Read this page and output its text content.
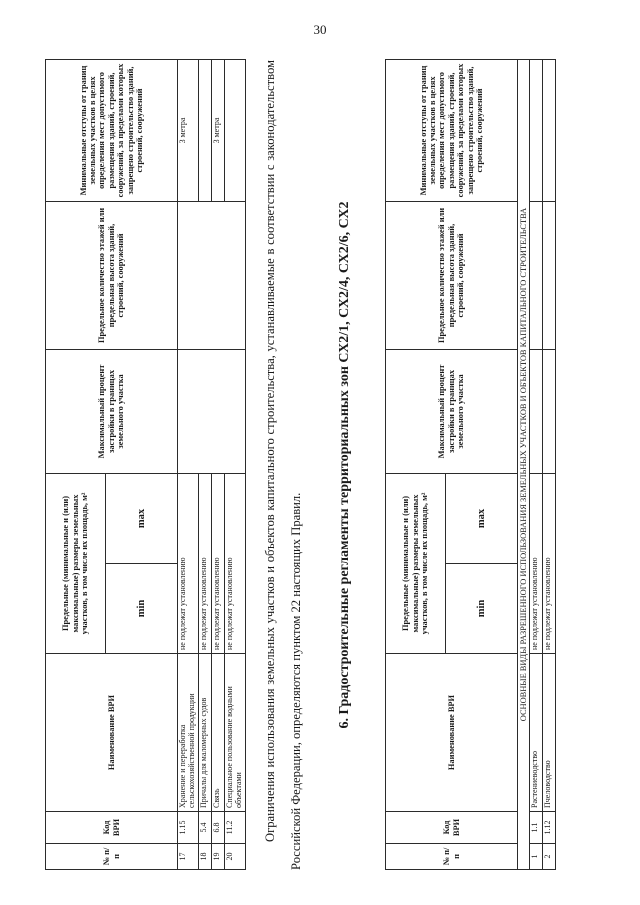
30
№ п/п	Код ВРИ	Наименование ВРИ	Предельные (минимальные и (или) максимальные) размеры земельных участков, в том числе их площадь, м²		Максимальный процент застройки в границах земельного участка	Предельное количество этажей или предельная высота зданий, строений, сооружений	Минимальные отступы от границ земельных участков в целях определения мест допустимого размещения зданий, строений, сооружений, за пределами которых запрещено строительство зданий, строений, сооружений
			min	max			
17	1.15	Хранение и переработка сельскохозяйственной продукции	не подлежат установлению				3 метра
18	5.4	Причалы для маломерных судов	не подлежат установлению				
19	6.8	Связь	не подлежат установлению				3 метра
20	11.2	Специальное пользование водными объектами	не подлежат установлению					Ограничения использования земельных участков и объектов капитального строительства, устанавливаемые в соответствии с законодательством Российской Федерации, определяются пунктом 22 настоящих Правил.	6. Градостроительные регламенты территориальных зон СХ2/1, СХ2/4, СХ2/6, СХ2
№ п/п	Код ВРИ	Наименование ВРИ	Предельные (минимальные и (или) максимальные) размеры земельных участков, в том числе их площадь, м²		Максимальный процент застройки в границах земельного участка	Предельное количество этажей или предельная высота зданий, строений, сооружений	Минимальные отступы от границ земельных участков в целях определения мест допустимого размещения зданий, строений, сооружений, за пределами которых запрещено строительство зданий, строений, сооружений
			min	max			
ОСНОВНЫЕ ВИДЫ РАЗРЕШЕННОГО ИСПОЛЬЗОВАНИЯ ЗЕМЕЛЬНЫХ УЧАСТКОВ И ОБЪЕКТОВ КАПИТАЛЬНОГО СТРОИТЕЛЬСТВА							
1	1.1	Растениеводство	не подлежат установлению				
2	1.12	Пчеловодство	не подлежат установлению				
